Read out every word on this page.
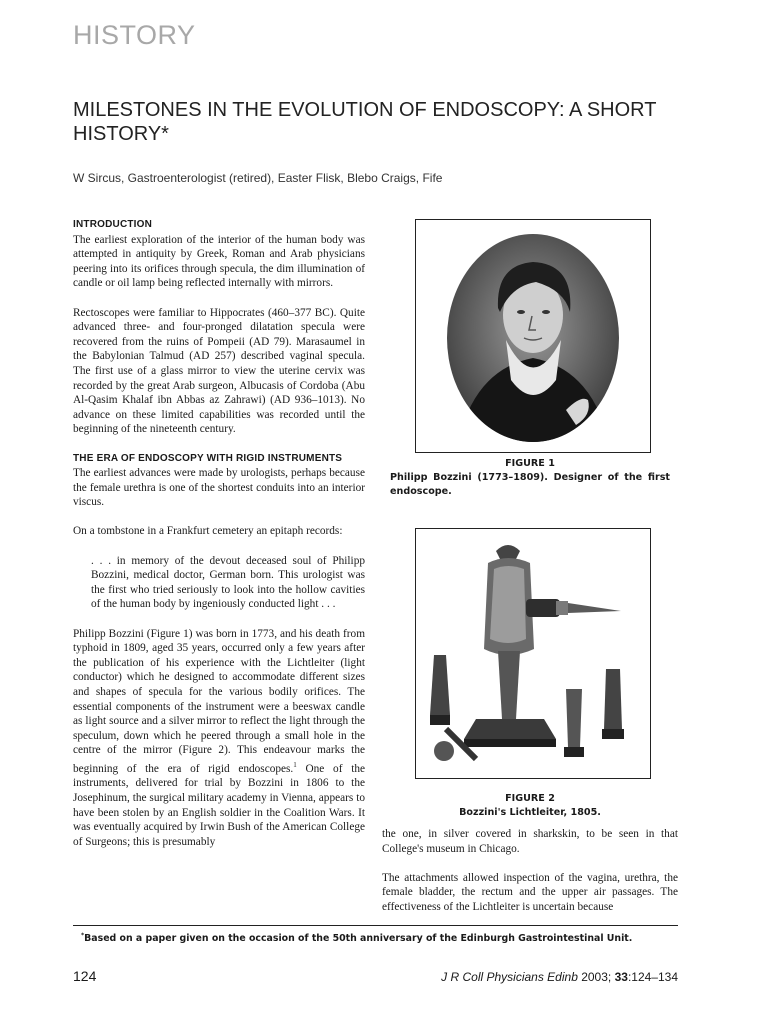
HISTORY
MILESTONES IN THE EVOLUTION OF ENDOSCOPY: A SHORT HISTORY*
W Sircus, Gastroenterologist (retired), Easter Flisk, Blebo Craigs, Fife
INTRODUCTION

The earliest exploration of the interior of the human body was attempted in antiquity by Greek, Roman and Arab physicians peering into its orifices through specula, the dim illumination of candle or oil lamp being reflected internally with mirrors.

Rectoscopes were familiar to Hippocrates (460–377 BC). Quite advanced three- and four-pronged dilatation specula were recovered from the ruins of Pompeii (AD 79). Marasaumel in the Babylonian Talmud (AD 257) described vaginal specula. The first use of a glass mirror to view the uterine cervix was recorded by the great Arab surgeon, Albucasis of Cordoba (Abu Al-Qasim Khalaf ibn Abbas az Zahrawi) (AD 936–1013). No advance on these limited capabilities was recorded until the beginning of the nineteenth century.

THE ERA OF ENDOSCOPY WITH RIGID INSTRUMENTS

The earliest advances were made by urologists, perhaps because the female urethra is one of the shortest conduits into an interior viscus.

On a tombstone in a Frankfurt cemetery an epitaph records:

. . . in memory of the devout deceased soul of Philipp Bozzini, medical doctor, German born. This urologist was the first who tried seriously to look into the hollow cavities of the human body by ingeniously conducted light . . .

Philipp Bozzini (Figure 1) was born in 1773, and his death from typhoid in 1809, aged 35 years, occurred only a few years after the publication of his experience with the Lichtleiter (light conductor) which he designed to accommodate different sizes and shapes of specula for the various bodily orifices. The essential components of the instrument were a beeswax candle as light source and a silver mirror to reflect the light through the speculum, down which he peered through a small hole in the centre of the mirror (Figure 2). This endeavour marks the beginning of the era of rigid endoscopes.$^1$ One of the instruments, delivered for trial by Bozzini in 1806 to the Josephinum, the surgical military academy in Vienna, appears to have been stolen by an English soldier in the Coalition Wars. It was eventually acquired by Irwin Bush of the American College of Surgeons; this is presumably

FIGURE 1
Philipp Bozzini (1773–1809). Designer of the first endoscope.
FIGURE 2
Bozzini's Lichtleiter, 1805.

the one, in silver covered in sharkskin, to be seen in that College's museum in Chicago.

The attachments allowed inspection of the vagina, urethra, the female bladder, the rectum and the upper air passages. The effectiveness of the Lichtleiter is uncertain because

*Based on a paper given on the occasion of the 50th anniversary of the Edinburgh Gastrointestinal Unit.
124	J R Coll Physicians Edinb 2003; 33:124–134
